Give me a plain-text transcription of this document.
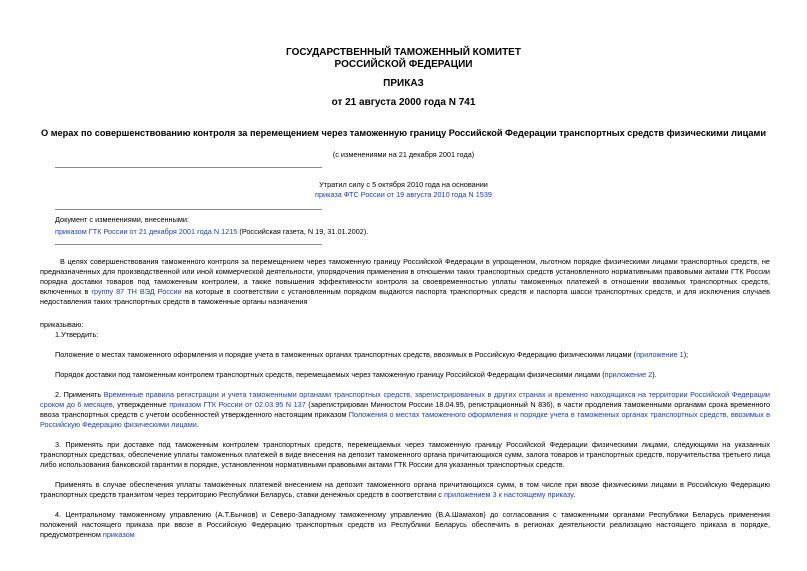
ГОСУДАРСТВЕННЫЙ ТАМОЖЕННЫЙ КОМИТЕТ
РОССИЙСКОЙ ФЕДЕРАЦИИ
ПРИКАЗ
от 21 августа 2000 года N 741
О мерах по совершенствованию контроля за перемещением через таможенную границу Российской Федерации транспортных средств физическими лицами
(с изменениями на 21 декабря 2001 года)
Утратил силу с 5 октября 2010 года на основании
приказа ФТС России от 19 августа 2010 года N 1539
Документ с изменениями, внесенными:
приказом ГТК России от 21 декабря 2001 года N 1215 (Российская газета, N 19, 31.01.2002).
В целях совершенствования таможенного контроля за перемещением через таможенную границу Российской Федерации в упрощенном, льготном порядке физическими лицами транспортных средств, не предназначенных для производственной или иной коммерческой деятельности, упорядочения применения в отношении таких транспортных средств установленного нормативными правовыми актами ГТК России порядка доставки товаров под таможенным контролем, а также повышения эффективности контроля за своевременностью уплаты таможенных платежей в отношении ввозимых транспортных средств, включенных в группу 87 ТН ВЭД России на которые в соответствии с установленным порядком выдаются паспорта транспортных средств и паспорта шасси транспортных средств, и для исключения случаев недоставления таких транспортных средств в таможенные органы назначения
приказываю:
1.Утвердить:
Положение о местах таможенного оформления и порядке учета в таможенных органах транспортных средств, ввозимых в Российскую Федерацию физическими лицами (приложение 1);
Порядок доставки под таможенным контролем транспортных средств, перемещаемых через таможенную границу Российской Федерации физическими лицами (приложение 2).
2. Применять Временные правила регистрации и учета таможенными органами транспортных средств, зарегистрированных в других странах и временно находящихся на территории Российской Федерации сроком до 6 месяцев, утвержденные приказом ГТК России от 02.03.95 N 137 (зарегистрирован Минюстом России 18.04.95, регистрационный N 836), в части продления таможенными органами срока временного ввоза транспортных средств с учетом особенностей утвержденного настоящим приказом Положения о местах таможенного оформления и порядке учета в таможенных органах транспортных средств, ввозимых в Российскую Федерацию физическими лицами.
3. Применять при доставке под таможенным контролем транспортных средств, перемещаемых через таможенную границу Российской Федерации физическими лицами, следующими на указанных транспортных средствах, обеспечение уплаты таможенных платежей в виде внесения на депозит таможенного органа причитающихся сумм, залога товаров и транспортных средств, поручительства третьего лица либо использования банковской гарантии в порядке, установленном нормативными правовыми актами ГТК России для указанных транспортных средств.
Применять в случае обеспечения уплаты таможенных платежей внесением на депозит таможенного органа причитающихся сумм, в том числе при ввозе физическими лицами в Российскую Федерацию транспортных средств транзитом через территорию Республики Беларусь, ставки денежных средств в соответствии с приложением 3 к настоящему приказу.
4. Центральному таможенному управлению (А.Т.Бычков) и Северо-Западному таможенному управлению (В.А.Шамахов) до согласования с таможенными органами Республики Беларусь применения положений настоящего приказа при ввозе в Российскую Федерацию транспортных средств из Республики Беларусь обеспечить в регионах деятельности реализацию настоящего приказа в порядке, предусмотренном приказом
